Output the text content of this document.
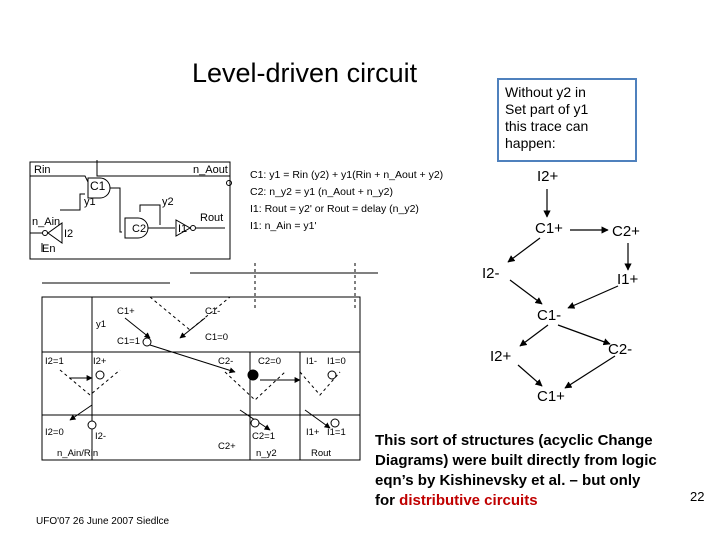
Level-driven circuit
Without y2 in
Set part of y1
this trace can
happen:
Rin	n_Aout
C1
y1	y2
Rout
n_Ain
I2
En
C2	I1
C1: y1 = Rin (y2) + y1(Rin + n_Aout + y2)
C2: n_y2 = y1 (n_Aout + n_y2)
I1: Rout = y2' or Rout = delay (n_y2)
I1: n_Ain = y1'
C1+	C1-
y1
C1=1	C1=0
I2=1	I2+	C2-	C2=0	I1- I1=0
I2=0	I2-
C2+
C2=1	I1+ I1=1
n_Ain/Rin	n_y2	Rout
I2+
C1+	C2+
I2-	I1+
C1-
I2+	C2-
C1+
This sort of structures (acyclic Change
Diagrams) were built directly from logic
eqn’s by Kishinevsky et al. – but only
for distributive circuits
UFO'07 26 June 2007 Siedlce
22
